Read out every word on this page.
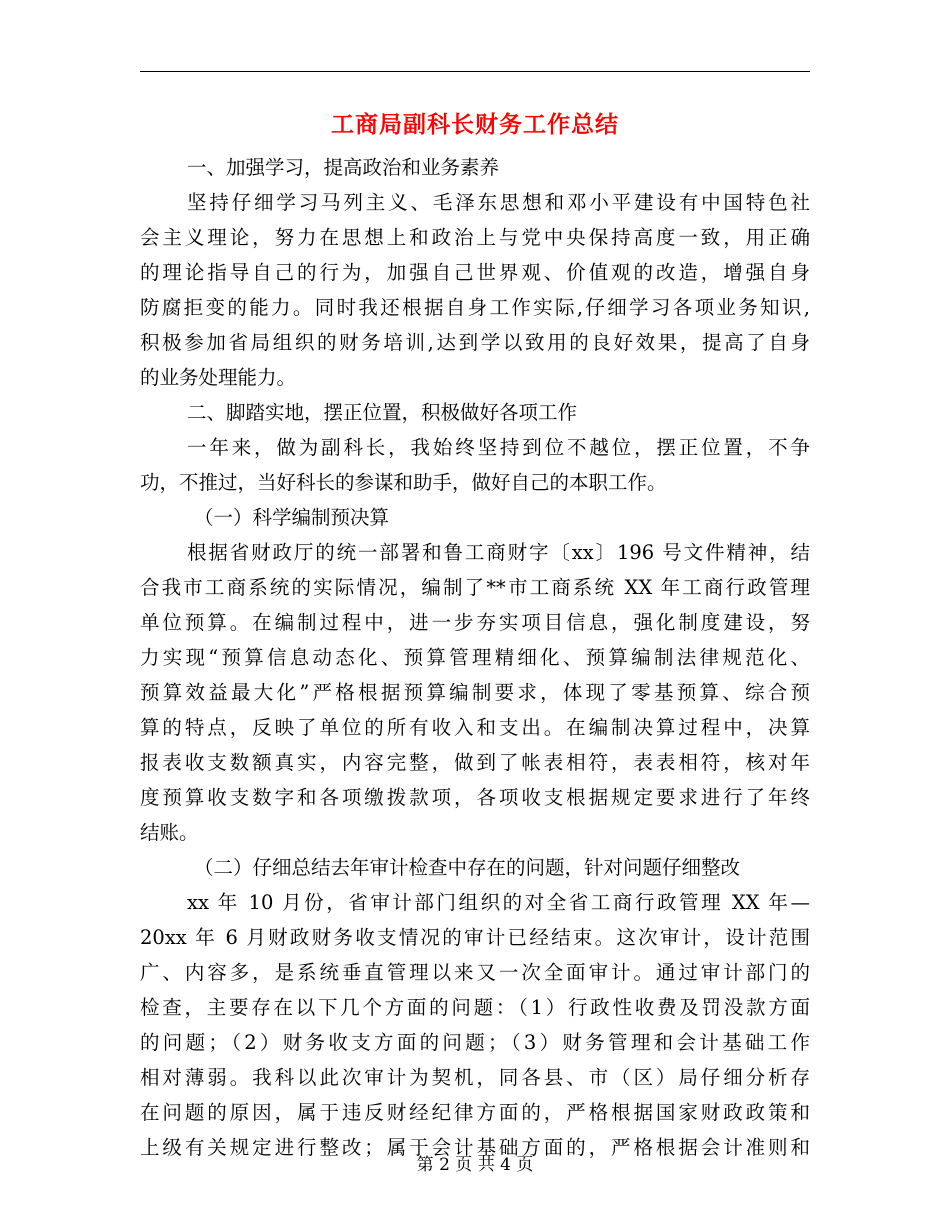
工商局副科长财务工作总结
一、加强学习，提高政治和业务素养
坚持仔细学习马列主义、毛泽东思想和邓小平建设有中国特色社
会主义理论，努力在思想上和政治上与党中央保持高度一致，用正确
的理论指导自己的行为，加强自己世界观、价值观的改造，增强自身
防腐拒变的能力。同时我还根据自身工作实际,仔细学习各项业务知识,
积极参加省局组织的财务培训,达到学以致用的良好效果，提高了自身
的业务处理能力。
二、脚踏实地，摆正位置，积极做好各项工作
一年来，做为副科长，我始终坚持到位不越位，摆正位置，不争
功，不推过，当好科长的参谋和助手，做好自己的本职工作。
（一）科学编制预决算
根据省财政厅的统一部署和鲁工商财字〔xx〕196 号文件精神，结
合我市工商系统的实际情况，编制了**市工商系统 XX 年工商行政管理
单位预算。在编制过程中，进一步夯实项目信息，强化制度建设，努
力实现“预算信息动态化、预算管理精细化、预算编制法律规范化、
预算效益最大化”严格根据预算编制要求，体现了零基预算、综合预
算的特点，反映了单位的所有收入和支出。在编制决算过程中，决算
报表收支数额真实，内容完整，做到了帐表相符，表表相符，核对年
度预算收支数字和各项缴拨款项，各项收支根据规定要求进行了年终
结账。
（二）仔细总结去年审计检查中存在的问题，针对问题仔细整改
xx 年 10 月份，省审计部门组织的对全省工商行政管理 XX 年—
20xx 年 6 月财政财务收支情况的审计已经结束。这次审计，设计范围
广、内容多，是系统垂直管理以来又一次全面审计。通过审计部门的
检查，主要存在以下几个方面的问题：（1）行政性收费及罚没款方面
的问题；（2）财务收支方面的问题；（3）财务管理和会计基础工作
相对薄弱。我科以此次审计为契机，同各县、市（区）局仔细分析存
在问题的原因，属于违反财经纪律方面的，严格根据国家财政政策和
上级有关规定进行整改；属于会计基础方面的，严格根据会计准则和
第 2 页 共 4 页
